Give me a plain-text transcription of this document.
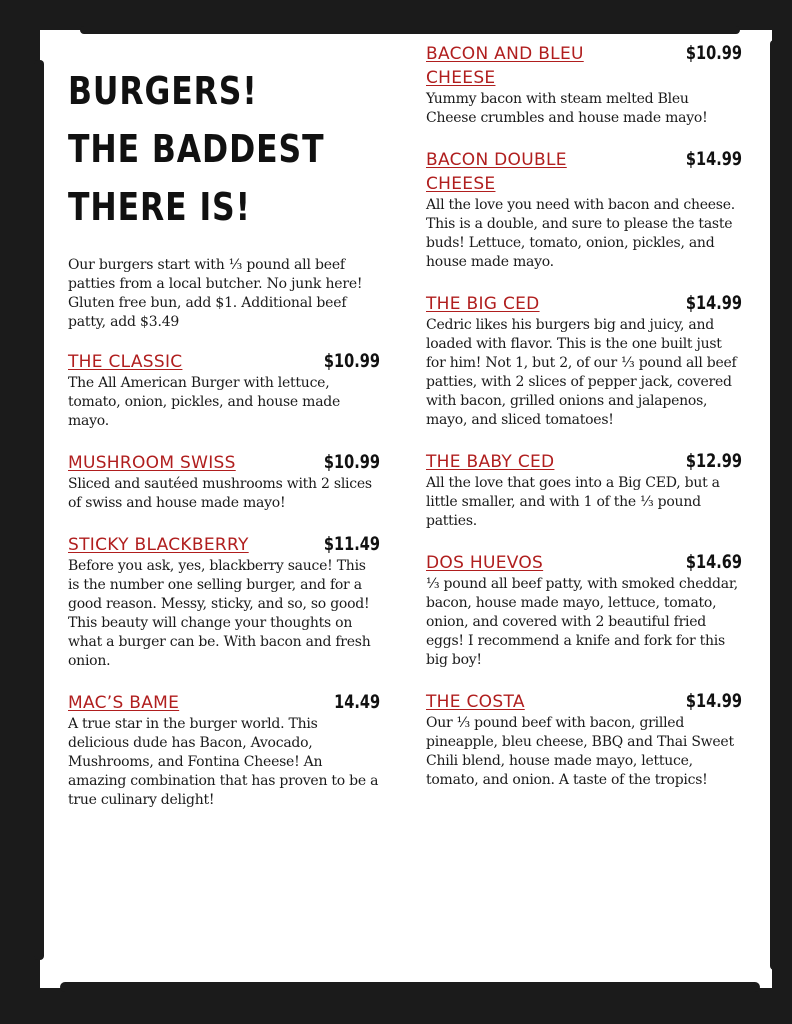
BURGERS! THE BADDEST THERE IS!
Our burgers start with ⅓ pound all beef patties from a local butcher. No junk here! Gluten free bun, add $1. Additional beef patty, add $3.49
THE CLASSIC	$10.99
The All American Burger with lettuce, tomato, onion, pickles, and house made mayo.
MUSHROOM SWISS	$10.99
Sliced and sautéed mushrooms with 2 slices of swiss and house made mayo!
STICKY BLACKBERRY	$11.49
Before you ask, yes, blackberry sauce! This is the number one selling burger, and for a good reason. Messy, sticky, and so, so good! This beauty will change your thoughts on what a burger can be. With bacon and fresh onion.
MAC’S BAME	14.49
A true star in the burger world. This delicious dude has Bacon, Avocado, Mushrooms, and Fontina Cheese! An amazing combination that has proven to be a true culinary delight!
BACON AND BLEU CHEESE
$10.99
Yummy bacon with steam melted Bleu Cheese crumbles and house made mayo!
BACON DOUBLE CHEESE
$14.99
All the love you need with bacon and cheese. This is a double, and sure to please the taste buds! Lettuce, tomato, onion, pickles, and house made mayo.
THE BIG CED	$14.99
Cedric likes his burgers big and juicy, and loaded with flavor. This is the one built just for him! Not 1, but 2, of our ⅓ pound all beef patties, with 2 slices of pepper jack, covered with bacon, grilled onions and jalapenos, mayo, and sliced tomatoes!
THE BABY CED	$12.99
All the love that goes into a Big CED, but a little smaller, and with 1 of the ⅓ pound patties.
DOS HUEVOS	$14.69
⅓ pound all beef patty, with smoked cheddar, bacon, house made mayo, lettuce, tomato, onion, and covered with 2 beautiful fried eggs! I recommend a knife and fork for this big boy!
THE COSTA	$14.99
Our ⅓ pound beef with bacon, grilled pineapple, bleu cheese, BBQ and Thai Sweet Chili blend, house made mayo, lettuce, tomato, and onion. A taste of the tropics!
